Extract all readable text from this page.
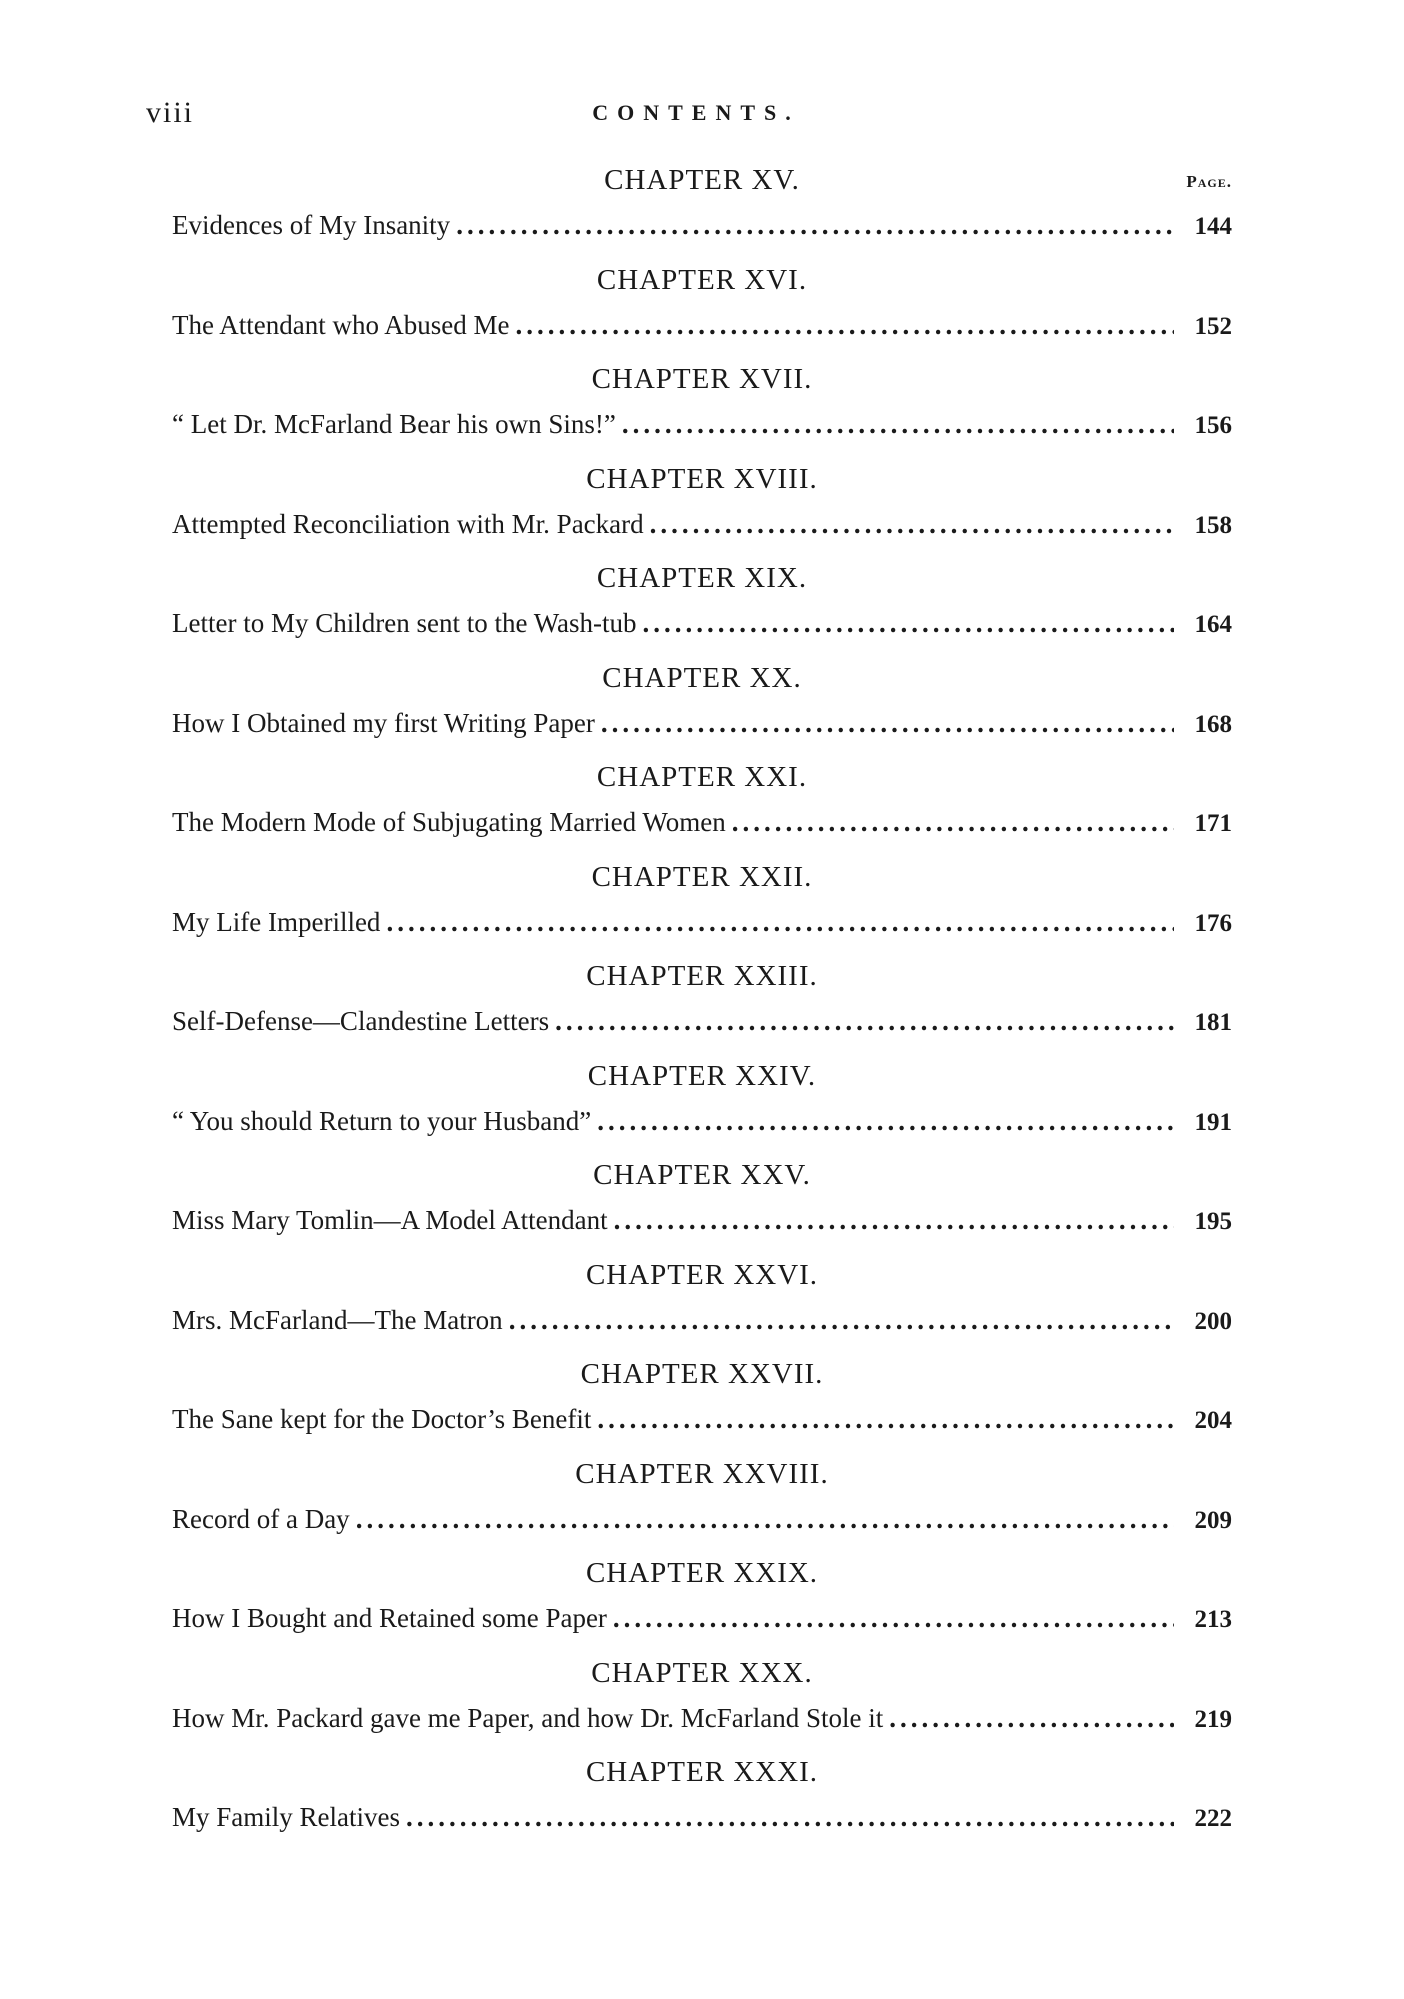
viii	CONTENTS.
Page.
CHAPTER XV.
Evidences of My Insanity .....	144
CHAPTER XVI.
The Attendant who Abused Me .....	152
CHAPTER XVII.
“ Let Dr. McFarland Bear his own Sins!” .....	156
CHAPTER XVIII.
Attempted Reconciliation with Mr. Packard .....	158
CHAPTER XIX.
Letter to My Children sent to the Wash-tub .....	164
CHAPTER XX.
How I Obtained my first Writing Paper .....	168
CHAPTER XXI.
The Modern Mode of Subjugating Married Women .....	171
CHAPTER XXII.
My Life Imperilled .....	176
CHAPTER XXIII.
Self-Defense—Clandestine Letters .....	181
CHAPTER XXIV.
“ You should Return to your Husband” .....	191
CHAPTER XXV.
Miss Mary Tomlin—A Model Attendant .....	195
CHAPTER XXVI.
Mrs. McFarland—The Matron .....	200
CHAPTER XXVII.
The Sane kept for the Doctor’s Benefit .....	204
CHAPTER XXVIII.
Record of a Day .....	209
CHAPTER XXIX.
How I Bought and Retained some Paper .....	213
CHAPTER XXX.
How Mr. Packard gave me Paper, and how Dr. McFarland Stole it .....	219
CHAPTER XXXI.
My Family Relatives .....	222
